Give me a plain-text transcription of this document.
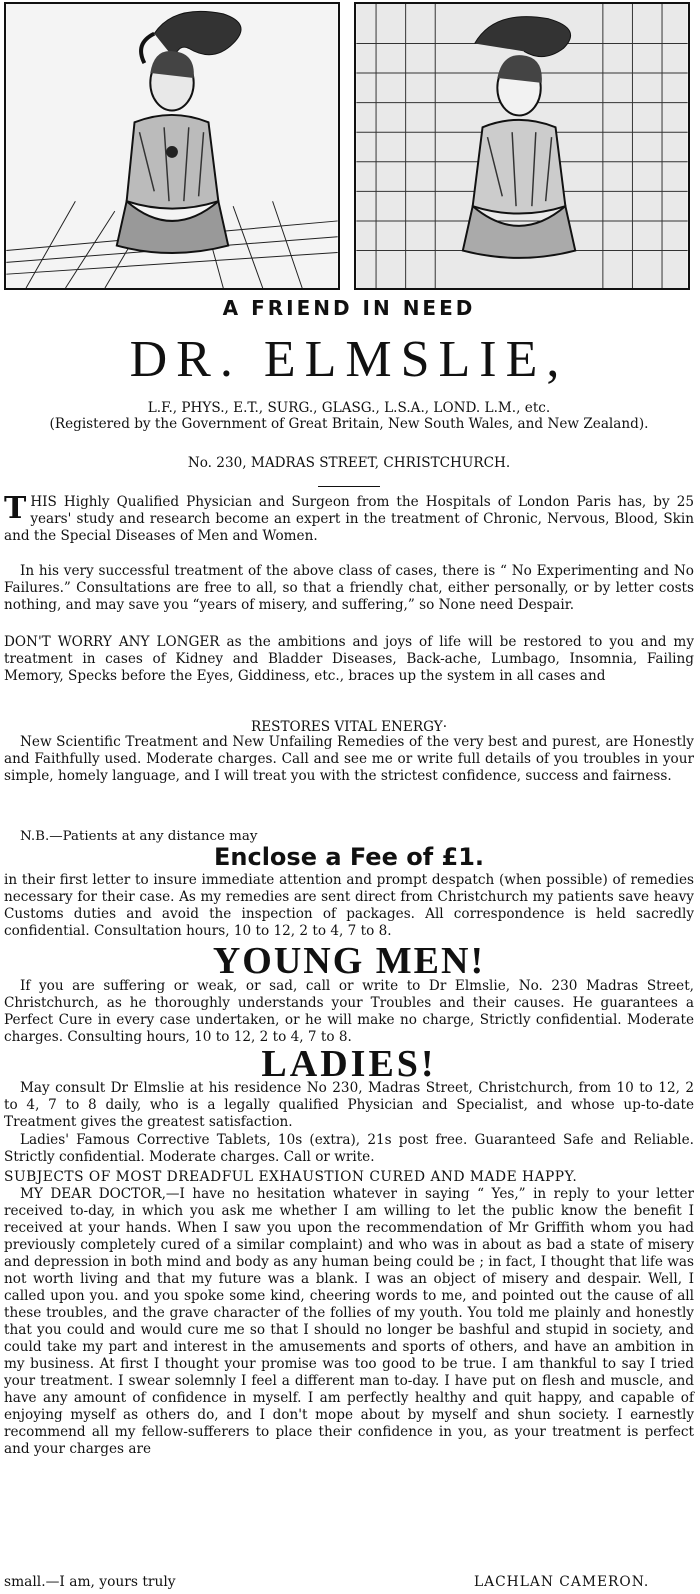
A FRIEND IN NEED
DR. ELMSLIE,
L.F., PHYS., E.T., SURG., GLASG., L.S.A., LOND. L.M., etc.
(Registered by the Government of Great Britain, New South Wales, and New Zealand).
No. 230, MADRAS STREET, CHRISTCHURCH.

THIS Highly Qualified Physician and Surgeon from the Hospitals of London Paris has, by 25 years' study and research become an expert in the treatment of Chronic, Nervous, Blood, Skin and the Special Diseases of Men and Women.

In his very successful treatment of the above class of cases, there is “ No Experimenting and No Failures.” Consultations are free to all, so that a friendly chat, either personally, or by letter costs nothing, and may save you “years of misery, and suffering,” so None need Despair.

DON'T WORRY ANY LONGER as the ambitions and joys of life will be restored to you and my treatment in cases of Kidney and Bladder Diseases, Back-ache, Lumbago, Insomnia, Failing Memory, Specks before the Eyes, Giddiness, etc., braces up the system in all cases and

RESTORES VITAL ENERGY·

New Scientific Treatment and New Unfailing Remedies of the very best and purest, are Honestly and Faithfully used. Moderate charges. Call and see me or write full details of you troubles in your simple, homely language, and I will treat you with the strictest confidence, success and fairness.

N.B.—Patients at any distance may
Enclose a Fee of £1.

in their first letter to insure immediate attention and prompt despatch (when possible) of remedies necessary for their case. As my remedies are sent direct from Christchurch my patients save heavy Customs duties and avoid the inspection of packages. All correspondence is held sacredly confidential. Consultation hours, 10 to 12, 2 to 4, 7 to 8.

YOUNG MEN!

If you are suffering or weak, or sad, call or write to Dr Elmslie, No. 230 Madras Street, Christchurch, as he thoroughly understands your Troubles and their causes. He guarantees a Perfect Cure in every case undertaken, or he will make no charge, Strictly confidential. Moderate charges. Consulting hours, 10 to 12, 2 to 4, 7 to 8.

LADIES!

May consult Dr Elmslie at his residence No 230, Madras Street, Christchurch, from 10 to 12, 2 to 4, 7 to 8 daily, who is a legally qualified Physician and Specialist, and whose up-to-date Treatment gives the greatest satisfaction.

Ladies' Famous Corrective Tablets, 10s (extra), 21s post free. Guaranteed Safe and Reliable. Strictly confidential. Moderate charges. Call or write.

SUBJECTS OF MOST DREADFUL EXHAUSTION CURED AND MADE HAPPY.

MY DEAR DOCTOR,—I have no hesitation whatever in saying “ Yes,” in reply to your letter received to-day, in which you ask me whether I am willing to let the public know the benefit I received at your hands. When I saw you upon the recommendation of Mr Griffith whom you had previously completely cured of a similar complaint) and who was in about as bad a state of misery and depression in both mind and body as any human being could be ; in fact, I thought that life was not worth living and that my future was a blank. I was an object of misery and despair. Well, I called upon you. and you spoke some kind, cheering words to me, and pointed out the cause of all these troubles, and the grave character of the follies of my youth. You told me plainly and honestly that you could and would cure me so that I should no longer be bashful and stupid in society, and could take my part and interest in the amusements and sports of others, and have an ambition in my business. At first I thought your promise was too good to be true. I am thankful to say I tried your treatment. I swear solemnly I feel a different man to-day. I have put on flesh and muscle, and have any amount of confidence in myself. I am perfectly healthy and quit happy, and capable of enjoying myself as others do, and I don't mope about by myself and shun society. I earnestly recommend all my fellow-sufferers to place their confidence in you, as your treatment is perfect and your charges are

small.—I am, yours truly	LACHLAN CAMERON.
